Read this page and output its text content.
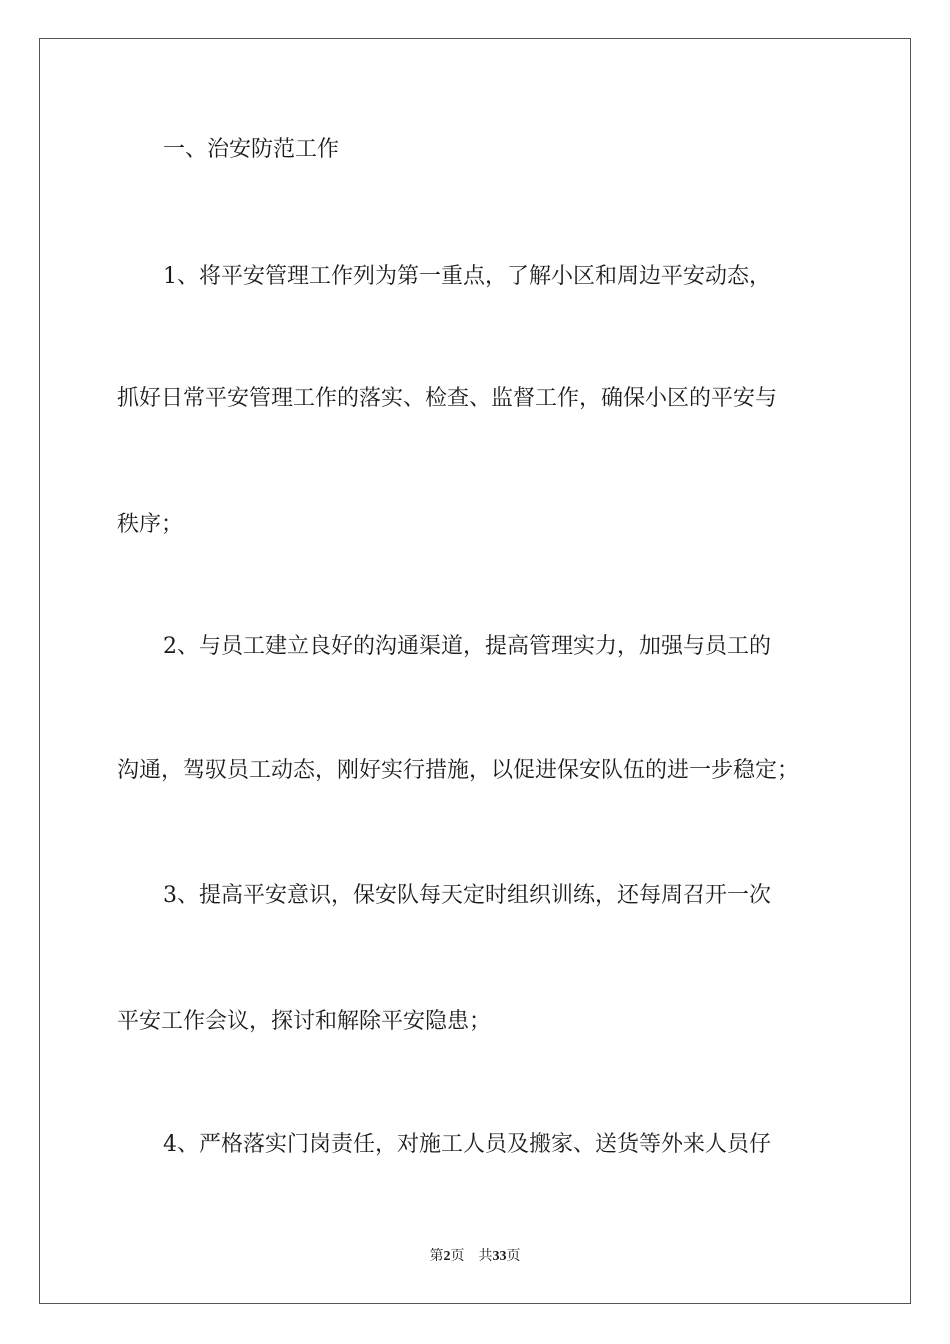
一、治安防范工作

1、将平安管理工作列为第一重点，了解小区和周边平安动态，

抓好日常平安管理工作的落实、检查、监督工作，确保小区的平安与

秩序；

2、与员工建立良好的沟通渠道，提高管理实力，加强与员工的

沟通，驾驭员工动态，刚好实行措施，以促进保安队伍的进一步稳定；

3、提高平安意识，保安队每天定时组织训练，还每周召开一次

平安工作会议，探讨和解除平安隐患；

4、严格落实门岗责任，对施工人员及搬家、送货等外来人员仔

第2页 共33页
